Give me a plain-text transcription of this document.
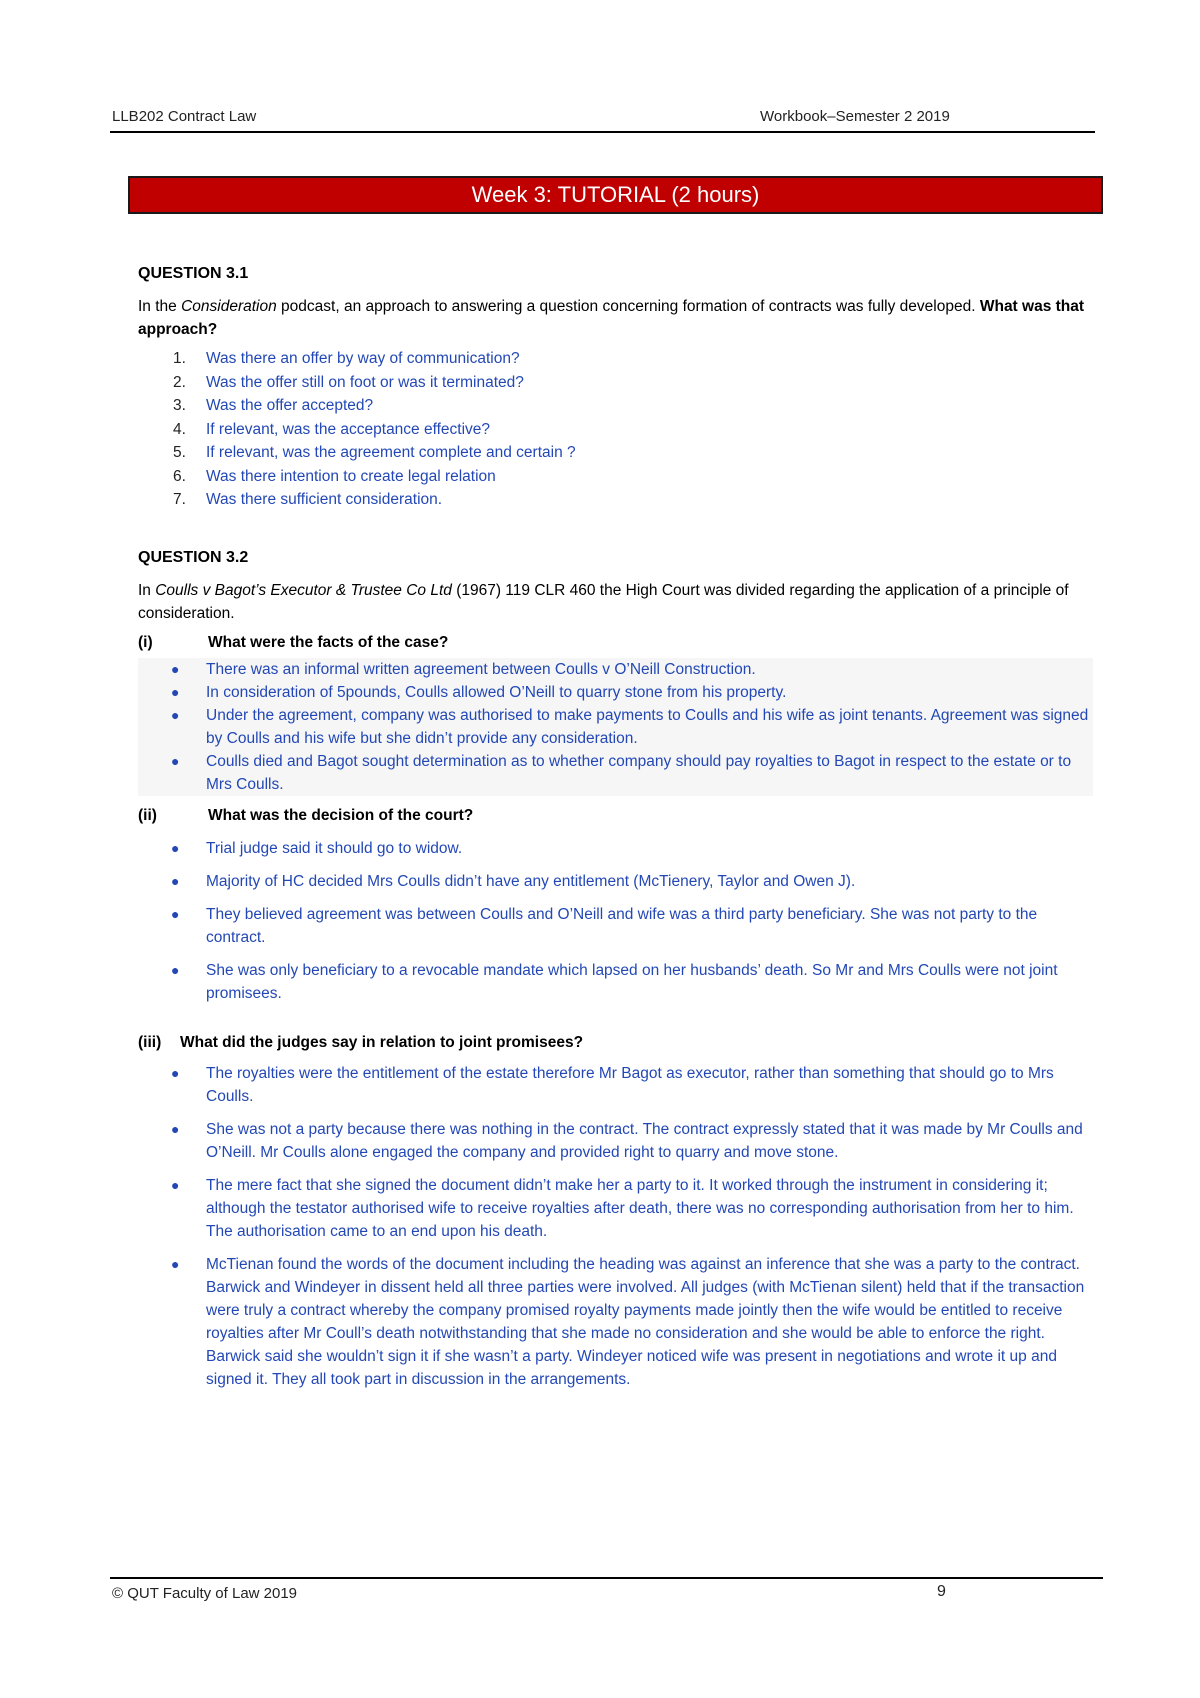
LLB202 Contract Law	Workbook–Semester 2 2019
Week 3: TUTORIAL (2 hours)
QUESTION 3.1
In the Consideration podcast, an approach to answering a question concerning formation of contracts was fully developed. What was that approach?
1. Was there an offer by way of communication?
2. Was the offer still on foot or was it terminated?
3. Was the offer accepted?
4. If relevant, was the acceptance effective?
5. If relevant, was the agreement complete and certain ?
6. Was there intention to create legal relation
7. Was there sufficient consideration.
QUESTION 3.2
In Coulls v Bagot’s Executor & Trustee Co Ltd (1967) 119 CLR 460 the High Court was divided regarding the application of a principle of consideration.
(i)	What were the facts of the case?
● There was an informal written agreement between Coulls v O’Neill Construction.
● In consideration of 5pounds, Coulls allowed O’Neill to quarry stone from his property.
● Under the agreement, company was authorised to make payments to Coulls and his wife as joint tenants. Agreement was signed by Coulls and his wife but she didn’t provide any consideration.
● Coulls died and Bagot sought determination as to whether company should pay royalties to Bagot in respect to the estate or to Mrs Coulls.
(ii)	What was the decision of the court?
● Trial judge said it should go to widow.
● Majority of HC decided Mrs Coulls didn’t have any entitlement (McTienery, Taylor and Owen J).
● They believed agreement was between Coulls and O’Neill and wife was a third party beneficiary. She was not party to the contract.
● She was only beneficiary to a revocable mandate which lapsed on her husbands’ death. So Mr and Mrs Coulls were not joint promisees.
(iii) What did the judges say in relation to joint promisees?
● The royalties were the entitlement of the estate therefore Mr Bagot as executor, rather than something that should go to Mrs Coulls.
● She was not a party because there was nothing in the contract. The contract expressly stated that it was made by Mr Coulls and O’Neill. Mr Coulls alone engaged the company and provided right to quarry and move stone.
● The mere fact that she signed the document didn’t make her a party to it. It worked through the instrument in considering it; although the testator authorised wife to receive royalties after death, there was no corresponding authorisation from her to him. The authorisation came to an end upon his death.
● McTienan found the words of the document including the heading was against an inference that she was a party to the contract. Barwick and Windeyer in dissent held all three parties were involved. All judges (with McTienan silent) held that if the transaction were truly a contract whereby the company promised royalty payments made jointly then the wife would be entitled to receive royalties after Mr Coull’s death notwithstanding that she made no consideration and she would be able to enforce the right. Barwick said she wouldn’t sign it if she wasn’t a party. Windeyer noticed wife was present in negotiations and wrote it up and signed it. They all took part in discussion in the arrangements.
© QUT Faculty of Law 2019	9
